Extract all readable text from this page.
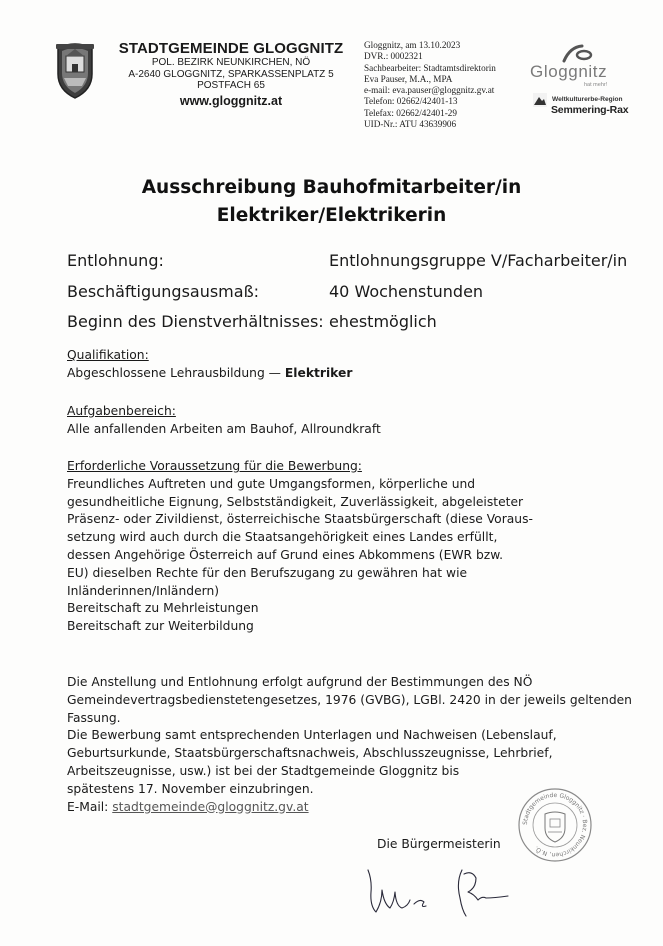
STADTGEMEINDE GLOGGNITZ
POL. BEZIRK NEUNKIRCHEN, NÖ
A-2640 GLOGGNITZ, SPARKASSENPLATZ 5
POSTFACH 65
www.gloggnitz.at
Gloggnitz, am 13.10.2023
DVR.: 0002321
Sachbearbeiter: Stadtamtsdirektorin
Eva Pauser, M.A., MPA
e-mail: eva.pauser@gloggnitz.gv.at
Telefon: 02662/42401-13
Telefax: 02662/42401-29
UID-Nr.: ATU 43639906
Gloggnitz
hat mehr!
Weltkulturerbe-Region
Semmering-Rax
Ausschreibung Bauhofmitarbeiter/in
Elektriker/Elektrikerin
Entlohnung:	Entlohnungsgruppe V/Facharbeiter/in
Beschäftigungsausmaß:	40 Wochenstunden
Beginn des Dienstverhältnisses: ehestmöglich
Qualifikation:
Abgeschlossene Lehrausbildung — Elektriker
Aufgabenbereich:
Alle anfallenden Arbeiten am Bauhof, Allroundkraft
Erforderliche Voraussetzung für die Bewerbung:
Freundliches Auftreten und gute Umgangsformen, körperliche und
gesundheitliche Eignung, Selbstständigkeit, Zuverlässigkeit, abgeleisteter
Präsenz- oder Zivildienst, österreichische Staatsbürgerschaft (diese Voraus-
setzung wird auch durch die Staatsangehörigkeit eines Landes erfüllt,
dessen Angehörige Österreich auf Grund eines Abkommens (EWR bzw.
EU) dieselben Rechte für den Berufszugang zu gewähren hat wie
Inländerinnen/Inländern)
Bereitschaft zu Mehrleistungen
Bereitschaft zur Weiterbildung
Die Anstellung und Entlohnung erfolgt aufgrund der Bestimmungen des NÖ
Gemeindevertragsbedienstetengesetzes, 1976 (GVBG), LGBl. 2420 in der jeweils geltenden
Fassung.
Die Bewerbung samt entsprechenden Unterlagen und Nachweisen (Lebenslauf,
Geburtsurkunde, Staatsbürgerschaftsnachweis, Abschlusszeugnisse, Lehrbrief,
Arbeitszeugnisse, usw.) ist bei der Stadtgemeinde Gloggnitz bis
spätestens 17. November einzubringen.
E-Mail: stadtgemeinde@gloggnitz.gv.at
Stadtgemeinde Gloggnitz · Bez. Neunkirchen, N.Ö.
Die Bürgermeisterin
